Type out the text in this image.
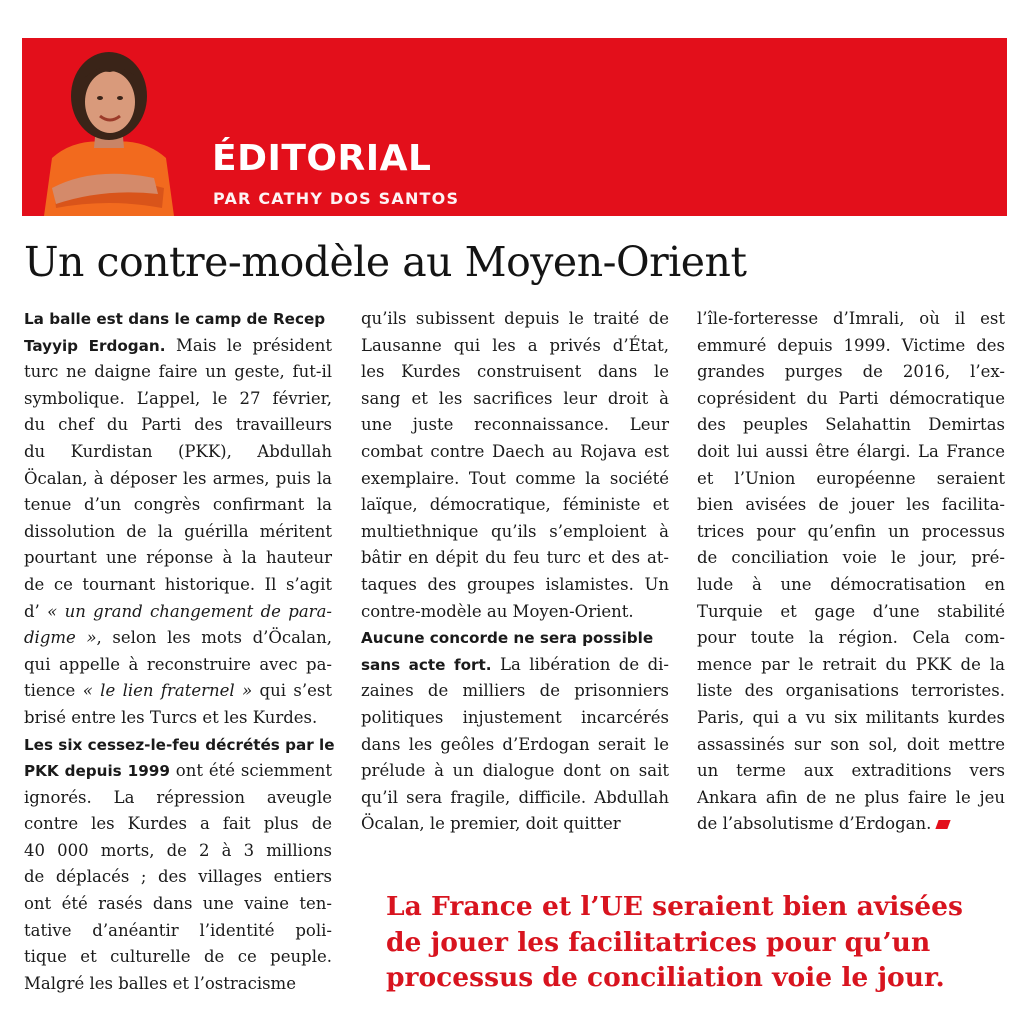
ÉDITORIAL
PAR CATHY DOS SANTOS
Un contre-modèle au Moyen-Orient
La balle est dans le camp de Recep
Tayyip Erdogan. Mais le président
turc ne daigne faire un geste, fut-il
symbolique. L’appel, le 27 février,
du chef du Parti des travailleurs
du Kurdistan (PKK), Abdullah
Öcalan, à déposer les armes, puis la
tenue d’un congrès confirmant la
dissolution de la guérilla méritent
pourtant une réponse à la hauteur
de ce tournant historique. Il s’agit
d’ « un grand changement de para-
digme », selon les mots d’Öcalan,
qui appelle à reconstruire avec pa-
tience « le lien fraternel » qui s’est
brisé entre les Turcs et les Kurdes.
Les six cessez-le-feu décrétés par le
PKK depuis 1999 ont été sciemment
ignorés. La répression aveugle
contre les Kurdes a fait plus de
40 000 morts, de 2 à 3 millions
de déplacés ; des villages entiers
ont été rasés dans une vaine ten-
tative d’anéantir l’identité poli-
tique et culturelle de ce peuple.
Malgré les balles et l’ostracisme
qu’ils subissent depuis le traité de
Lausanne qui les a privés d’État,
les Kurdes construisent dans le
sang et les sacrifices leur droit à
une juste reconnaissance. Leur
combat contre Daech au Rojava est
exemplaire. Tout comme la société
laïque, démocratique, féministe et
multiethnique qu’ils s’emploient à
bâtir en dépit du feu turc et des at-
taques des groupes islamistes. Un
contre-modèle au Moyen-Orient.
Aucune concorde ne sera possible
sans acte fort. La libération de di-
zaines de milliers de prisonniers
politiques injustement incarcérés
dans les geôles d’Erdogan serait le
prélude à un dialogue dont on sait
qu’il sera fragile, difficile. Abdullah
Öcalan, le premier, doit quitter
l’île-forteresse d’Imrali, où il est
emmuré depuis 1999. Victime des
grandes purges de 2016, l’ex-
coprésident du Parti démocratique
des peuples Selahattin Demirtas
doit lui aussi être élargi. La France
et l’Union européenne seraient
bien avisées de jouer les facilita-
trices pour qu’enfin un processus
de conciliation voie le jour, pré-
lude à une démocratisation en
Turquie et gage d’une stabilité
pour toute la région. Cela com-
mence par le retrait du PKK de la
liste des organisations terroristes.
Paris, qui a vu six militants kurdes
assassinés sur son sol, doit mettre
un terme aux extraditions vers
Ankara afin de ne plus faire le jeu
de l’absolutisme d’Erdogan.
La France et l’UE seraient bien avisées
de jouer les facilitatrices pour qu’un
processus de conciliation voie le jour.
